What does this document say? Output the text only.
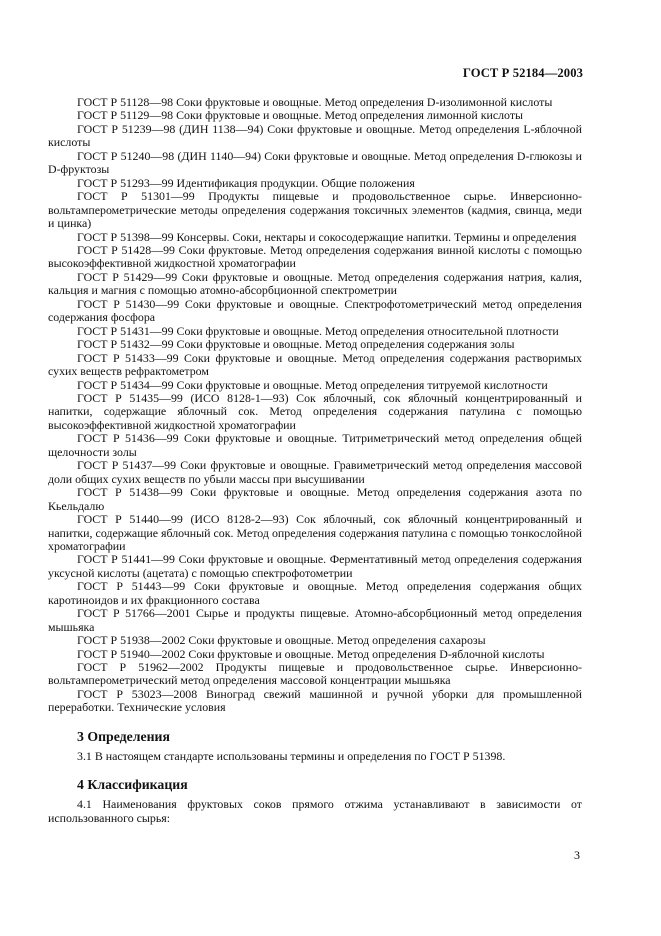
ГОСТ Р 52184—2003

ГОСТ Р 51128—98 Соки фруктовые и овощные. Метод определения D-изолимонной кислоты

ГОСТ Р 51129—98 Соки фруктовые и овощные. Метод определения лимонной кислоты

ГОСТ Р 51239—98 (ДИН 1138—94) Соки фруктовые и овощные. Метод определения L-яблочной кислоты

ГОСТ Р 51240—98 (ДИН 1140—94) Соки фруктовые и овощные. Метод определения D-глюкозы и D-фруктозы

ГОСТ Р 51293—99 Идентификация продукции. Общие положения

ГОСТ Р 51301—99 Продукты пищевые и продовольственное сырье. Инверсионно-вольтамперометрические методы определения содержания токсичных элементов (кадмия, свинца, меди и цинка)

ГОСТ Р 51398—99 Консервы. Соки, нектары и сокосодержащие напитки. Термины и определения

ГОСТ Р 51428—99 Соки фруктовые. Метод определения содержания винной кислоты с помощью высокоэффективной жидкостной хроматографии

ГОСТ Р 51429—99 Соки фруктовые и овощные. Метод определения содержания натрия, калия, кальция и магния с помощью атомно-абсорбционной спектрометрии

ГОСТ Р 51430—99 Соки фруктовые и овощные. Спектрофотометрический метод определения содержания фосфора

ГОСТ Р 51431—99 Соки фруктовые и овощные. Метод определения относительной плотности

ГОСТ Р 51432—99 Соки фруктовые и овощные. Метод определения содержания золы

ГОСТ Р 51433—99 Соки фруктовые и овощные. Метод определения содержания растворимых сухих веществ рефрактометром

ГОСТ Р 51434—99 Соки фруктовые и овощные. Метод определения титруемой кислотности

ГОСТ Р 51435—99 (ИСО 8128-1—93) Сок яблочный, сок яблочный концентрированный и напитки, содержащие яблочный сок. Метод определения содержания патулина с помощью высокоэффективной жидкостной хроматографии

ГОСТ Р 51436—99 Соки фруктовые и овощные. Титриметрический метод определения общей щелочности золы

ГОСТ Р 51437—99 Соки фруктовые и овощные. Гравиметрический метод определения массовой доли общих сухих веществ по убыли массы при высушивании

ГОСТ Р 51438—99 Соки фруктовые и овощные. Метод определения содержания азота по Кьельдалю

ГОСТ Р 51440—99 (ИСО 8128-2—93) Сок яблочный, сок яблочный концентрированный и напитки, содержащие яблочный сок. Метод определения содержания патулина с помощью тонкослойной хроматографии

ГОСТ Р 51441—99 Соки фруктовые и овощные. Ферментативный метод определения содержания уксусной кислоты (ацетата) с помощью спектрофотометрии

ГОСТ Р 51443—99 Соки фруктовые и овощные. Метод определения содержания общих каротиноидов и их фракционного состава

ГОСТ Р 51766—2001 Сырье и продукты пищевые. Атомно-абсорбционный метод определения мышьяка

ГОСТ Р 51938—2002 Соки фруктовые и овощные. Метод определения сахарозы

ГОСТ Р 51940—2002 Соки фруктовые и овощные. Метод определения D-яблочной кислоты

ГОСТ Р 51962—2002 Продукты пищевые и продовольственное сырье. Инверсионно-вольтамперометрический метод определения массовой концентрации мышьяка

ГОСТ Р 53023—2008 Виноград свежий машинной и ручной уборки для промышленной переработки. Технические условия

3 Определения

3.1 В настоящем стандарте использованы термины и определения по ГОСТ Р 51398.

4 Классификация

4.1 Наименования фруктовых соков прямого отжима устанавливают в зависимости от использованного сырья:

3
